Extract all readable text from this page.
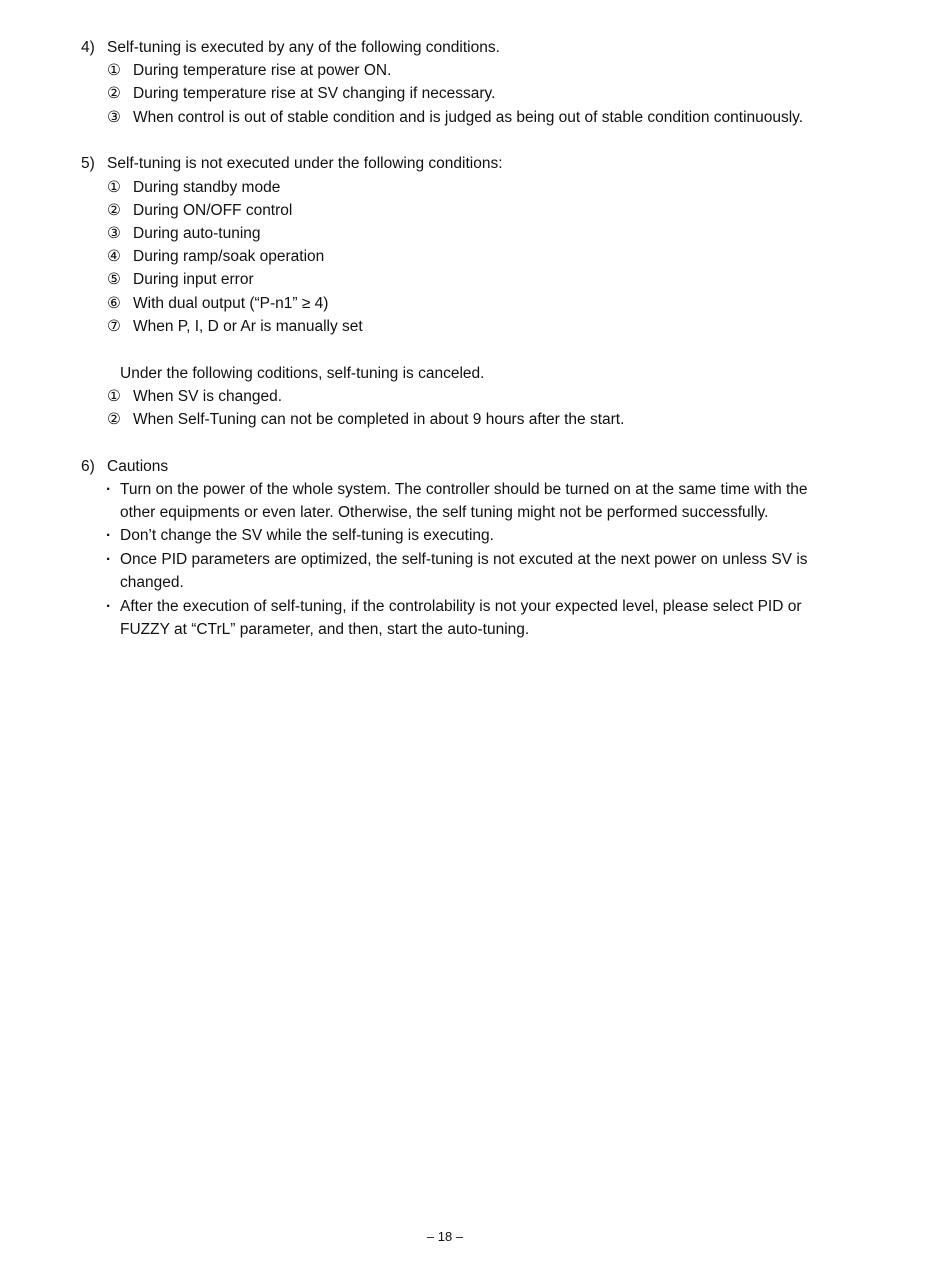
4) Self-tuning is executed by any of the following conditions.
① During temperature rise at power ON.
② During temperature rise at SV changing if necessary.
③ When control is out of stable condition and is judged as being out of stable condition continuously.
5) Self-tuning is not executed under the following conditions:
① During standby mode
② During ON/OFF control
③ During auto-tuning
④ During ramp/soak operation
⑤ During input error
⑥ With dual output (“P-n1” ≥ 4)
⑦ When P, I, D or Ar is manually set
Under the following coditions, self-tuning is canceled.
① When SV is changed.
② When Self-Tuning can not be completed in about 9 hours after the start.
6) Cautions
· Turn on the power of the whole system. The controller should be turned on at the same time with the
other equipments or even later. Otherwise, the self tuning might not be performed successfully.
· Don’t change the SV while the self-tuning is executing.
· Once PID parameters are optimized, the self-tuning is not excuted at the next power on unless SV is
changed.
· After the execution of self-tuning, if the controlability is not your expected level, please select PID or
FUZZY at “CTrL” parameter, and then, start the auto-tuning.
– 18 –
